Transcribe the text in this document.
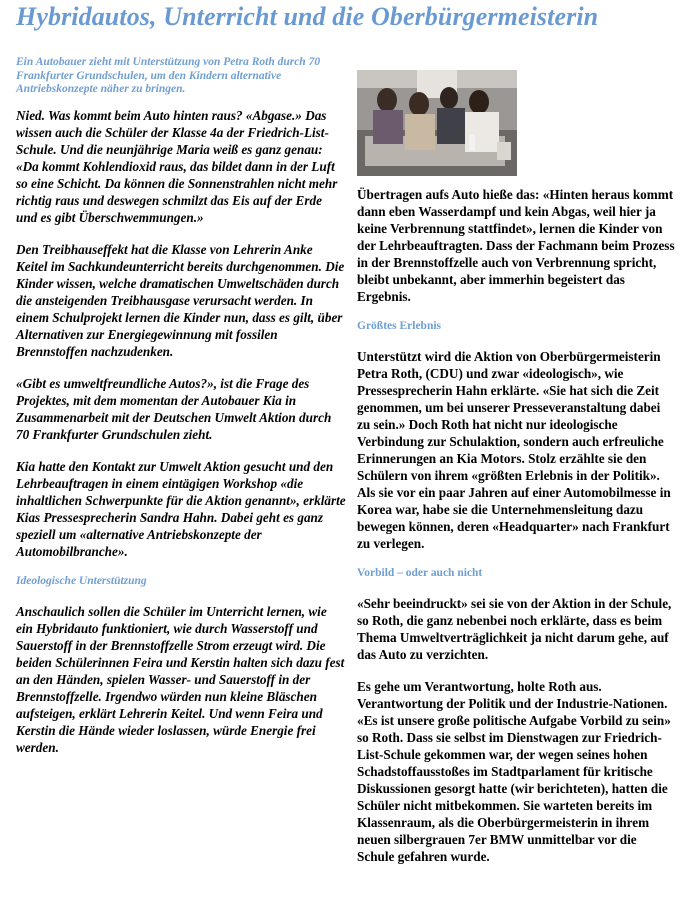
Hybridautos, Unterricht und die Oberbürgermeisterin

Ein Autobauer zieht mit Unterstützung von Petra Roth durch 70 Frankfurter Grundschulen, um den Kindern alternative Antriebskonzepte näher zu bringen.

Nied. Was kommt beim Auto hinten raus? «Abgase.» Das wissen auch die Schüler der Klasse 4a der Friedrich-List-Schule. Und die neunjährige Maria weiß es ganz genau: «Da kommt Kohlendioxid raus, das bildet dann in der Luft so eine Schicht. Da können die Sonnenstrahlen nicht mehr richtig raus und deswegen schmilzt das Eis auf der Erde und es gibt Überschwemmungen.»

Den Treibhauseffekt hat die Klasse von Lehrerin Anke Keitel im Sachkundeunterricht bereits durchgenommen. Die Kinder wissen, welche dramatischen Umweltschäden durch die ansteigenden Treibhausgase verursacht werden. In einem Schulprojekt lernen die Kinder nun, dass es gilt, über Alternativen zur Energiegewinnung mit fossilen Brennstoffen nachzudenken.

«Gibt es umweltfreundliche Autos?», ist die Frage des Projektes, mit dem momentan der Autobauer Kia in Zusammenarbeit mit der Deutschen Umwelt Aktion durch 70 Frankfurter Grundschulen zieht.

Kia hatte den Kontakt zur Umwelt Aktion gesucht und den Lehrbeauftragen in einem eintägigen Workshop «die inhaltlichen Schwerpunkte für die Aktion genannt», erklärte Kias Pressesprecherin Sandra Hahn. Dabei geht es ganz speziell um «alternative Antriebskonzepte der Automobilbranche».

Ideologische Unterstützung

Anschaulich sollen die Schüler im Unterricht lernen, wie ein Hybridauto funktioniert, wie durch Wasserstoff und Sauerstoff in der Brennstoffzelle Strom erzeugt wird. Die beiden Schülerinnen Feira und Kerstin halten sich dazu fest an den Händen, spielen Wasser- und Sauerstoff in der Brennstoffzelle. Irgendwo würden nun kleine Bläschen aufsteigen, erklärt Lehrerin Keitel. Und wenn Feira und Kerstin die Hände wieder loslassen, würde Energie frei werden.

Übertragen aufs Auto hieße das: «Hinten heraus kommt dann eben Wasserdampf und kein Abgas, weil hier ja keine Verbrennung stattfindet», lernen die Kinder von der Lehrbeauftragten. Dass der Fachmann beim Prozess in der Brennstoffzelle auch von Verbrennung spricht, bleibt unbekannt, aber immerhin begeistert das Ergebnis.

Größtes Erlebnis

Unterstützt wird die Aktion von Oberbürgermeisterin Petra Roth, (CDU) und zwar «ideologisch», wie Pressesprecherin Hahn erklärte. «Sie hat sich die Zeit genommen, um bei unserer Presseveranstaltung dabei zu sein.» Doch Roth hat nicht nur ideologische Verbindung zur Schulaktion, sondern auch erfreuliche Erinnerungen an Kia Motors. Stolz erzählte sie den Schülern von ihrem «größten Erlebnis in der Politik». Als sie vor ein paar Jahren auf einer Automobilmesse in Korea war, habe sie die Unternehmensleitung dazu bewegen können, deren «Headquarter» nach Frankfurt zu verlegen.

Vorbild – oder auch nicht

«Sehr beeindruckt» sei sie von der Aktion in der Schule, so Roth, die ganz nebenbei noch erklärte, dass es beim Thema Umweltverträglichkeit ja nicht darum gehe, auf das Auto zu verzichten.

Es gehe um Verantwortung, holte Roth aus. Verantwortung der Politik und der Industrie-Nationen. «Es ist unsere große politische Aufgabe Vorbild zu sein» so Roth. Dass sie selbst im Dienstwagen zur Friedrich-List-Schule gekommen war, der wegen seines hohen Schadstoffausstoßes im Stadtparlament für kritische Diskussionen gesorgt hatte (wir berichteten), hatten die Schüler nicht mitbekommen. Sie warteten bereits im Klassenraum, als die Oberbürgermeisterin in ihrem neuen silbergrauen 7er BMW unmittelbar vor die Schule gefahren wurde.
